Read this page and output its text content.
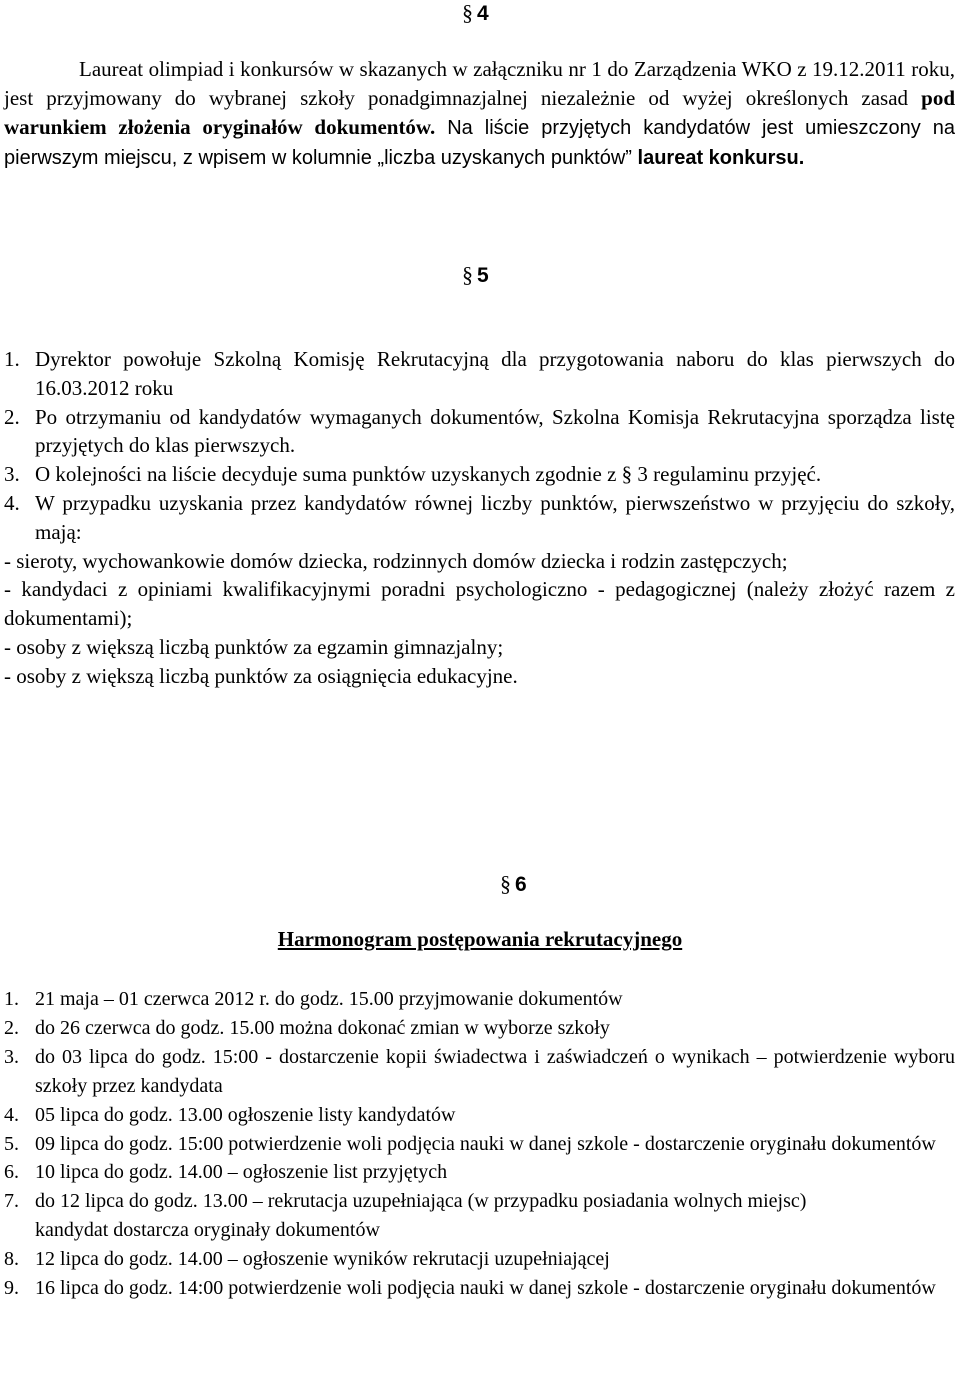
§ 4
Laureat olimpiad i konkursów w skazanych w załączniku nr 1 do Zarządzenia WKO z 19.12.2011 roku, jest przyjmowany do wybranej szkoły ponadgimnazjalnej niezależnie od wyżej określonych zasad pod warunkiem złożenia oryginałów dokumentów. Na liście przyjętych kandydatów jest umieszczony na pierwszym miejscu, z wpisem w kolumnie „liczba uzyskanych punktów” laureat konkursu.
§ 5
1. Dyrektor powołuje Szkolną Komisję Rekrutacyjną dla przygotowania naboru do klas pierwszych do 16.03.2012 roku
2. Po otrzymaniu od kandydatów wymaganych dokumentów, Szkolna Komisja Rekrutacyjna sporządza listę przyjętych do klas pierwszych.
3. O kolejności na liście decyduje suma punktów uzyskanych zgodnie z § 3 regulaminu przyjęć.
4. W przypadku uzyskania przez kandydatów równej liczby punktów, pierwszeństwo w przyjęciu do szkoły, mają:
- sieroty, wychowankowie domów dziecka, rodzinnych domów dziecka i rodzin zastępczych;
- kandydaci z opiniami kwalifikacyjnymi poradni psychologiczno - pedagogicznej (należy złożyć razem z dokumentami);
- osoby z większą liczbą punktów za egzamin gimnazjalny;
- osoby z większą liczbą punktów za osiągnięcia edukacyjne.
§ 6
Harmonogram postępowania rekrutacyjnego
1. 21 maja – 01 czerwca 2012 r. do godz. 15.00 przyjmowanie dokumentów
2. do 26 czerwca do godz. 15.00 można dokonać zmian w wyborze szkoły
3. do 03 lipca do godz. 15:00 - dostarczenie kopii świadectwa i zaświadczeń o wynikach – potwierdzenie wyboru szkoły przez kandydata
4. 05 lipca do godz. 13.00 ogłoszenie listy kandydatów
5. 09 lipca do godz. 15:00 potwierdzenie woli podjęcia nauki w danej szkole - dostarczenie oryginału dokumentów
6. 10 lipca do godz. 14.00 – ogłoszenie list przyjętych
7. do 12 lipca do godz. 13.00 – rekrutacja uzupełniająca (w przypadku posiadania wolnych miejsc)
kandydat dostarcza oryginały dokumentów
8. 12 lipca do godz. 14.00 – ogłoszenie wyników rekrutacji uzupełniającej
9. 16 lipca do godz. 14:00 potwierdzenie woli podjęcia nauki w danej szkole - dostarczenie oryginału dokumentów
